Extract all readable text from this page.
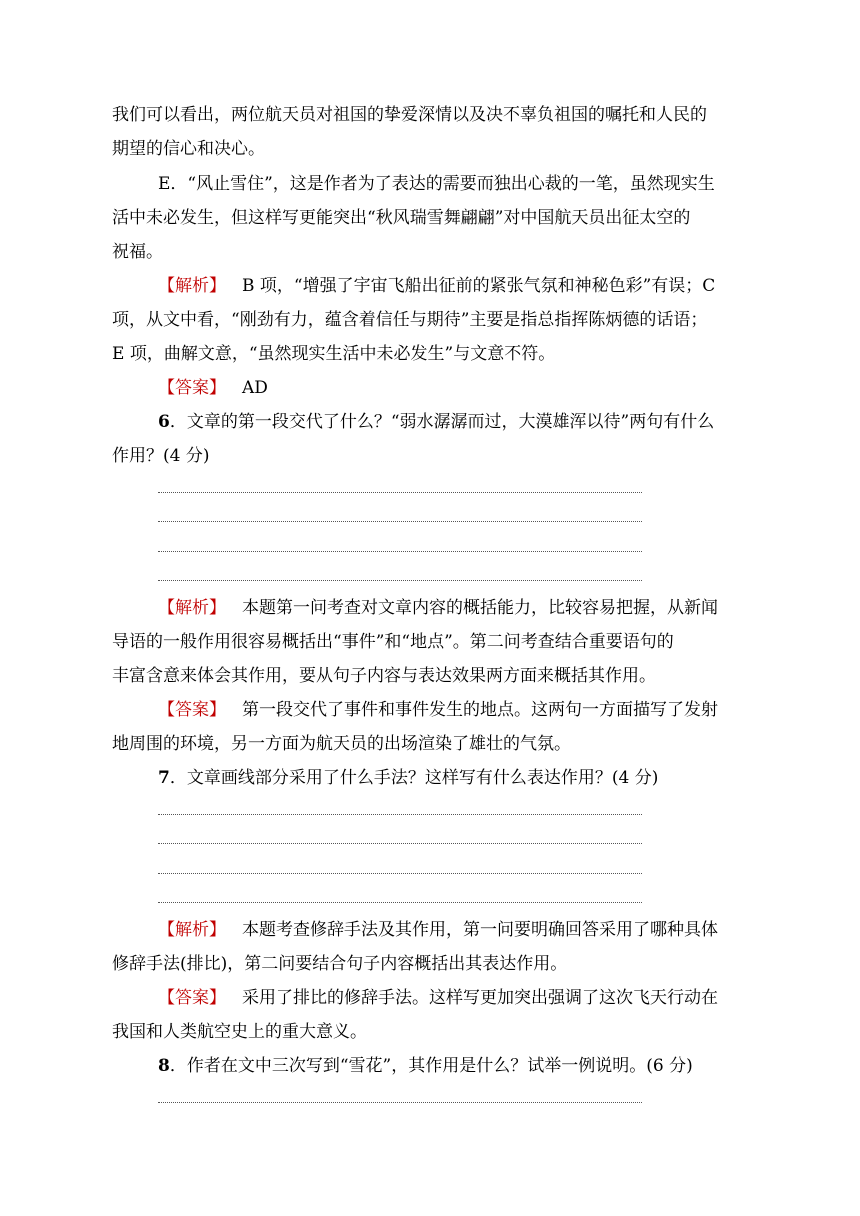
我们可以看出，两位航天员对祖国的挚爱深情以及决不辜负祖国的嘱托和人民的
期望的信心和决心。
E．“风止雪住”，这是作者为了表达的需要而独出心裁的一笔，虽然现实生
活中未必发生，但这样写更能突出“秋风瑞雪舞翩翩”对中国航天员出征太空的
祝福。
【解析】 B 项，“增强了宇宙飞船出征前的紧张气氛和神秘色彩”有误；C
项，从文中看，“刚劲有力，蕴含着信任与期待”主要是指总指挥陈炳德的话语；
E 项，曲解文意，“虽然现实生活中未必发生”与文意不符。
【答案】 AD
6．文章的第一段交代了什么？“弱水潺潺而过，大漠雄浑以待”两句有什么
作用？(4 分)
【解析】 本题第一问考查对文章内容的概括能力，比较容易把握，从新闻
导语的一般作用很容易概括出“事件”和“地点”。第二问考查结合重要语句的
丰富含意来体会其作用，要从句子内容与表达效果两方面来概括其作用。
【答案】 第一段交代了事件和事件发生的地点。这两句一方面描写了发射
地周围的环境，另一方面为航天员的出场渲染了雄壮的气氛。
7．文章画线部分采用了什么手法？这样写有什么表达作用？(4 分)
【解析】 本题考查修辞手法及其作用，第一问要明确回答采用了哪种具体
修辞手法(排比)，第二问要结合句子内容概括出其表达作用。
【答案】 采用了排比的修辞手法。这样写更加突出强调了这次飞天行动在
我国和人类航空史上的重大意义。
8．作者在文中三次写到“雪花”，其作用是什么？试举一例说明。(6 分)
